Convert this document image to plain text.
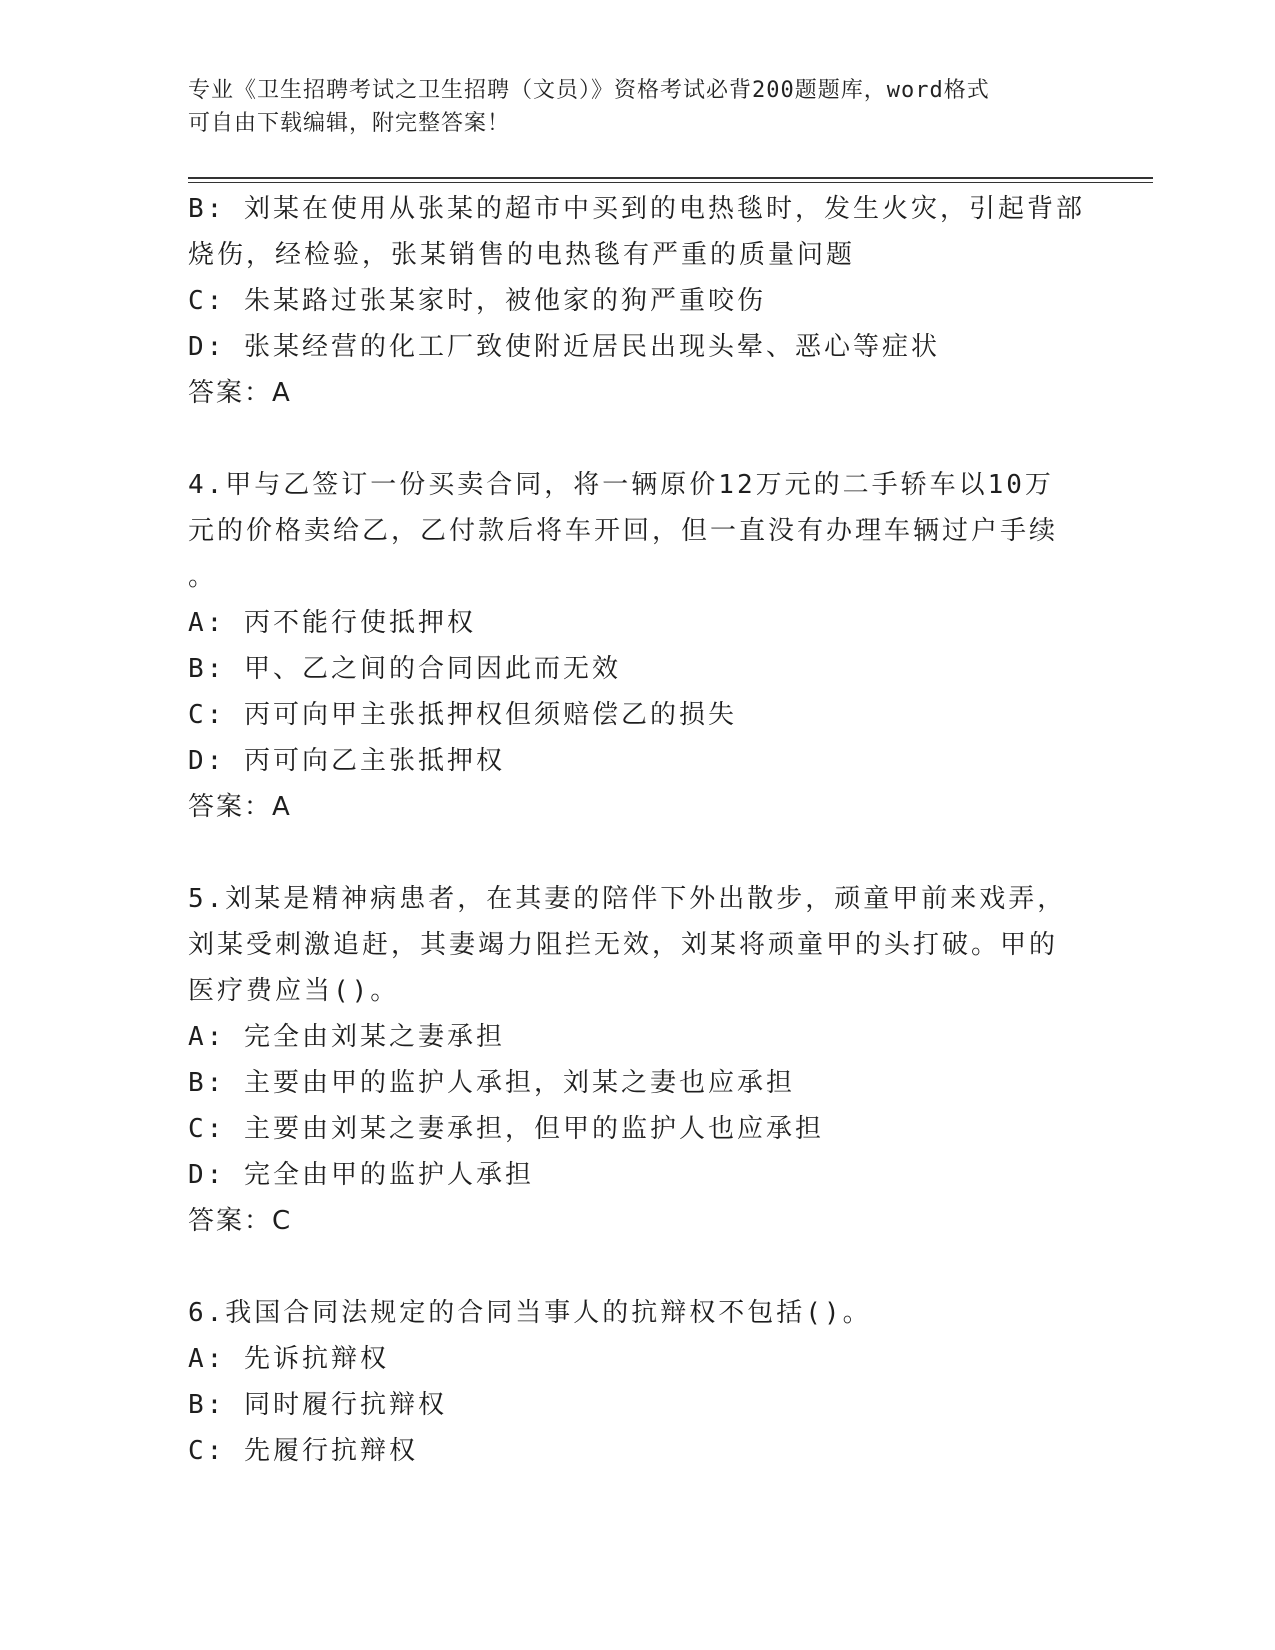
专业《卫生招聘考试之卫生招聘（文员）》资格考试必背200题题库，word格式
可自由下载编辑，附完整答案！
B: 刘某在使用从张某的超市中买到的电热毯时，发生火灾，引起背部
烧伤，经检验，张某销售的电热毯有严重的质量问题
C: 朱某路过张某家时，被他家的狗严重咬伤
D: 张某经营的化工厂致使附近居民出现头晕、恶心等症状
答案：A
4.甲与乙签订一份买卖合同，将一辆原价12万元的二手轿车以10万
元的价格卖给乙，乙付款后将车开回，但一直没有办理车辆过户手续
。
A: 丙不能行使抵押权
B: 甲、乙之间的合同因此而无效
C: 丙可向甲主张抵押权但须赔偿乙的损失
D: 丙可向乙主张抵押权
答案：A
5.刘某是精神病患者，在其妻的陪伴下外出散步，顽童甲前来戏弄，
刘某受刺激追赶，其妻竭力阻拦无效，刘某将顽童甲的头打破。甲的
医疗费应当()。
A: 完全由刘某之妻承担
B: 主要由甲的监护人承担，刘某之妻也应承担
C: 主要由刘某之妻承担，但甲的监护人也应承担
D: 完全由甲的监护人承担
答案：C
6.我国合同法规定的合同当事人的抗辩权不包括()。
A: 先诉抗辩权
B: 同时履行抗辩权
C: 先履行抗辩权
